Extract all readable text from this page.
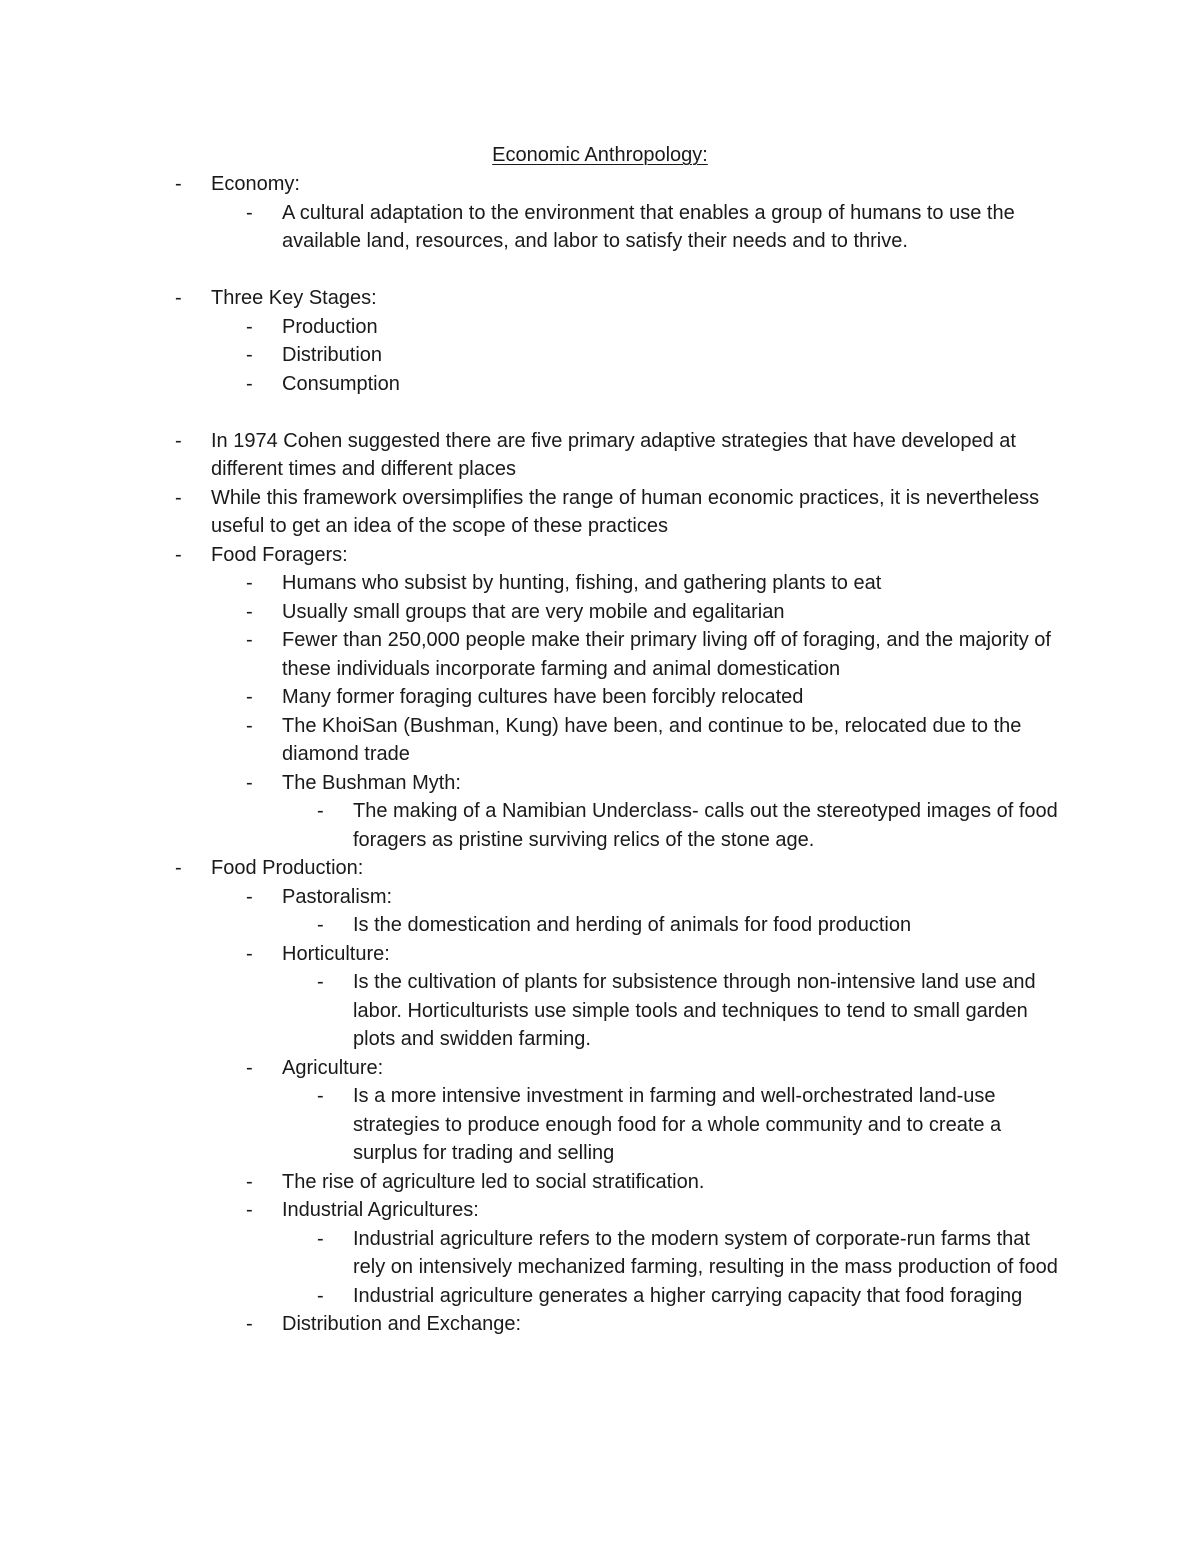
Economic Anthropology:
- Economy:
- A cultural adaptation to the environment that enables a group of humans to use the available land, resources, and labor to satisfy their needs and to thrive.
- Three Key Stages:
- Production
- Distribution
- Consumption
- In 1974 Cohen suggested there are five primary adaptive strategies that have developed at different times and different places
- While this framework oversimplifies the range of human economic practices, it is nevertheless useful to get an idea of the scope of these practices
- Food Foragers:
- Humans who subsist by hunting, fishing, and gathering plants to eat
- Usually small groups that are very mobile and egalitarian
- Fewer than 250,000 people make their primary living off of foraging, and the majority of these individuals incorporate farming and animal domestication
- Many former foraging cultures have been forcibly relocated
- The KhoiSan (Bushman, Kung) have been, and continue to be, relocated due to the diamond trade
- The Bushman Myth:
- The making of a Namibian Underclass- calls out the stereotyped images of food foragers as pristine surviving relics of the stone age.
- Food Production:
- Pastoralism:
- Is the domestication and herding of animals for food production
- Horticulture:
- Is the cultivation of plants for subsistence through non-intensive land use and labor. Horticulturists use simple tools and techniques to tend to small garden plots and swidden farming.
- Agriculture:
- Is a more intensive investment in farming and well-orchestrated land-use strategies to produce enough food for a whole community and to create a surplus for trading and selling
- The rise of agriculture led to social stratification.
- Industrial Agricultures:
- Industrial agriculture refers to the modern system of corporate-run farms that rely on intensively mechanized farming, resulting in the mass production of food
- Industrial agriculture generates a higher carrying capacity that food foraging
- Distribution and Exchange:
